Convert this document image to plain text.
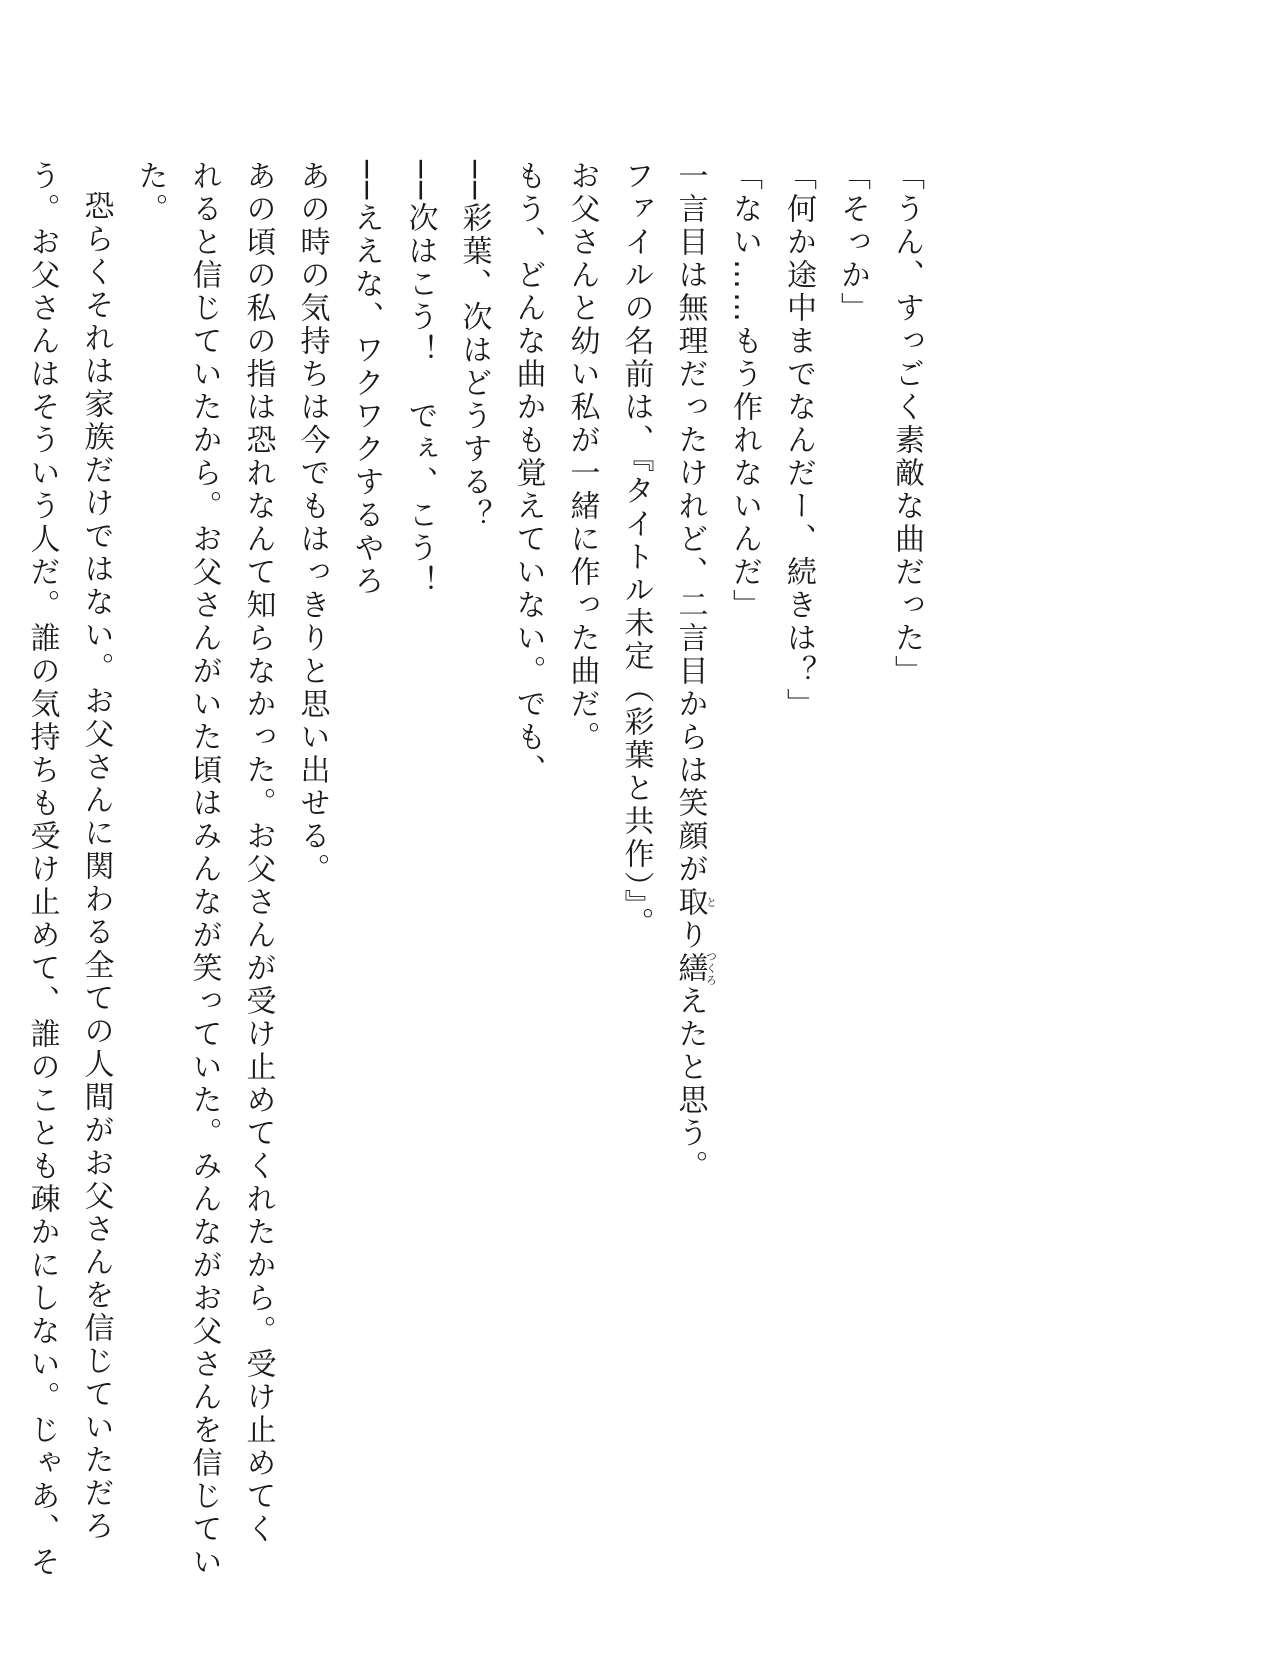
「うん、すっごく素敵な曲だった」

「そっか」

「何か途中までなんだー、続きは？」

「ない……もう作れないんだ」

一言目は無理だったけれど、二言目からは笑顔が取とり繕つくろえたと思う。

ファイルの名前は、『タイトル未定（彩葉と共作）』。

お父さんと幼い私が一緒に作った曲だ。

もう、どんな曲かも覚えていない。でも、

──彩葉、次はどうする？

──次はこう！　でぇ、こう！

──ええな、ワクワクするやろ

あの時の気持ちは今でもはっきりと思い出せる。

あの頃の私の指は恐れなんて知らなかった。お父さんが受け止めてくれたから。受け止めてく

れると信じていたから。お父さんがいた頃はみんなが笑っていた。みんながお父さんを信じてい

た。

恐らくそれは家族だけではない。お父さんに関わる全ての人間がお父さんを信じていただろ

う。お父さんはそういう人だ。誰の気持ちも受け止めて、誰のことも疎かにしない。じゃあ、そ
